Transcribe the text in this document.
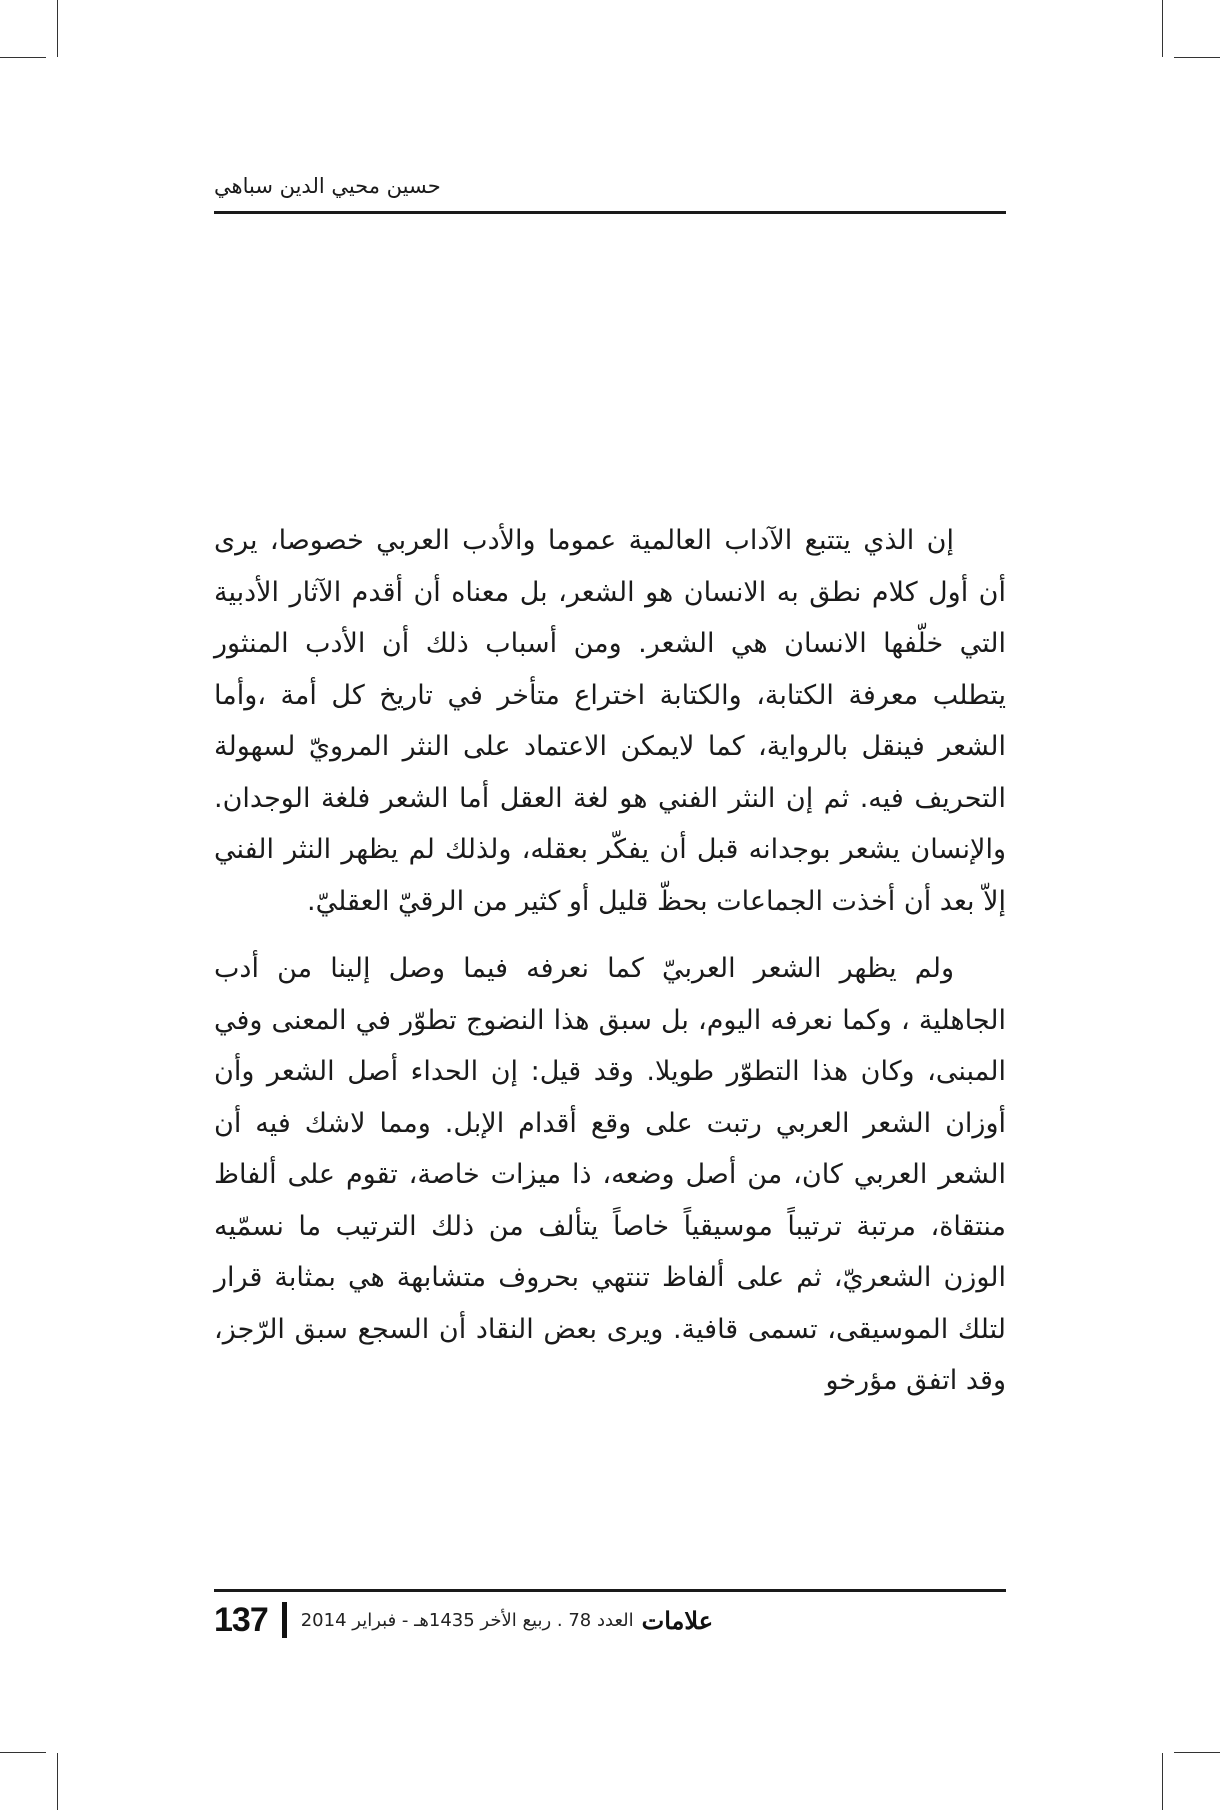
حسين محيي الدين سباهي

إن الذي يتتبع الآداب العالمية عموما والأدب العربي خصوصا، يرى أن أول كلام نطق به الانسان هو الشعر، بل معناه أن أقدم الآثار الأدبية التي خلّفها الانسان هي الشعر. ومن أسباب ذلك أن الأدب المنثور يتطلب معرفة الكتابة، والكتابة اختراع متأخر في تاريخ كل أمة ،وأما الشعر فينقل بالرواية، كما لايمكن الاعتماد على النثر المرويّ لسهولة التحريف فيه. ثم إن النثر الفني هو لغة العقل أما الشعر فلغة الوجدان. والإنسان يشعر بوجدانه قبل أن يفكّر بعقله، ولذلك لم يظهر النثر الفني إلاّ بعد أن أخذت الجماعات بحظّ قليل أو كثير من الرقيّ العقليّ.

ولم يظهر الشعر العربيّ كما نعرفه فيما وصل إلينا من أدب الجاهلية ، وكما نعرفه اليوم، بل سبق هذا النضوج تطوّر في المعنى وفي المبنى، وكان هذا التطوّر طويلا. وقد قيل: إن الحداء أصل الشعر وأن أوزان الشعر العربي رتبت على وقع أقدام الإبل. ومما لاشك فيه أن الشعر العربي كان، من أصل وضعه، ذا ميزات خاصة، تقوم على ألفاظ منتقاة، مرتبة ترتيباً موسيقياً خاصاً يتألف من ذلك الترتيب ما نسمّيه الوزن الشعريّ، ثم على ألفاظ تنتهي بحروف متشابهة هي بمثابة قرار لتلك الموسيقى، تسمى قافية. ويرى بعض النقاد أن السجع سبق الرّجز، وقد اتفق مؤرخو

علامات
العدد 78 . ربيع الأخر 1435هـ - فبراير 2014
137
